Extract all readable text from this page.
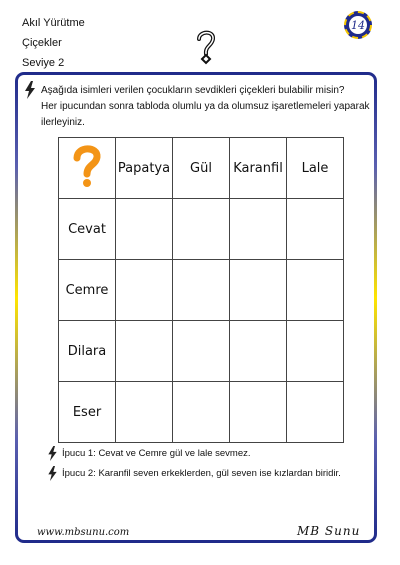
Akıl Yürütme
Çiçekler
Seviye 2
14

Aşağıda isimleri verilen çocukların sevdikleri çiçekleri bulabilir misin?

Her ipucundan sonra tabloda olumlu ya da olumsuz işaretlemeleri yaparak

ilerleyiniz.

	Papatya	Gül	Karanfil	Lale
Cevat				
Cemre				
Dilara				
Eser				
İpucu 1: Cevat ve Cemre gül ve lale sevmez.
İpucu 2: Karanfil seven erkeklerden, gül seven ise kızlardan biridir.
www.mbsunu.com	MB Sunu
